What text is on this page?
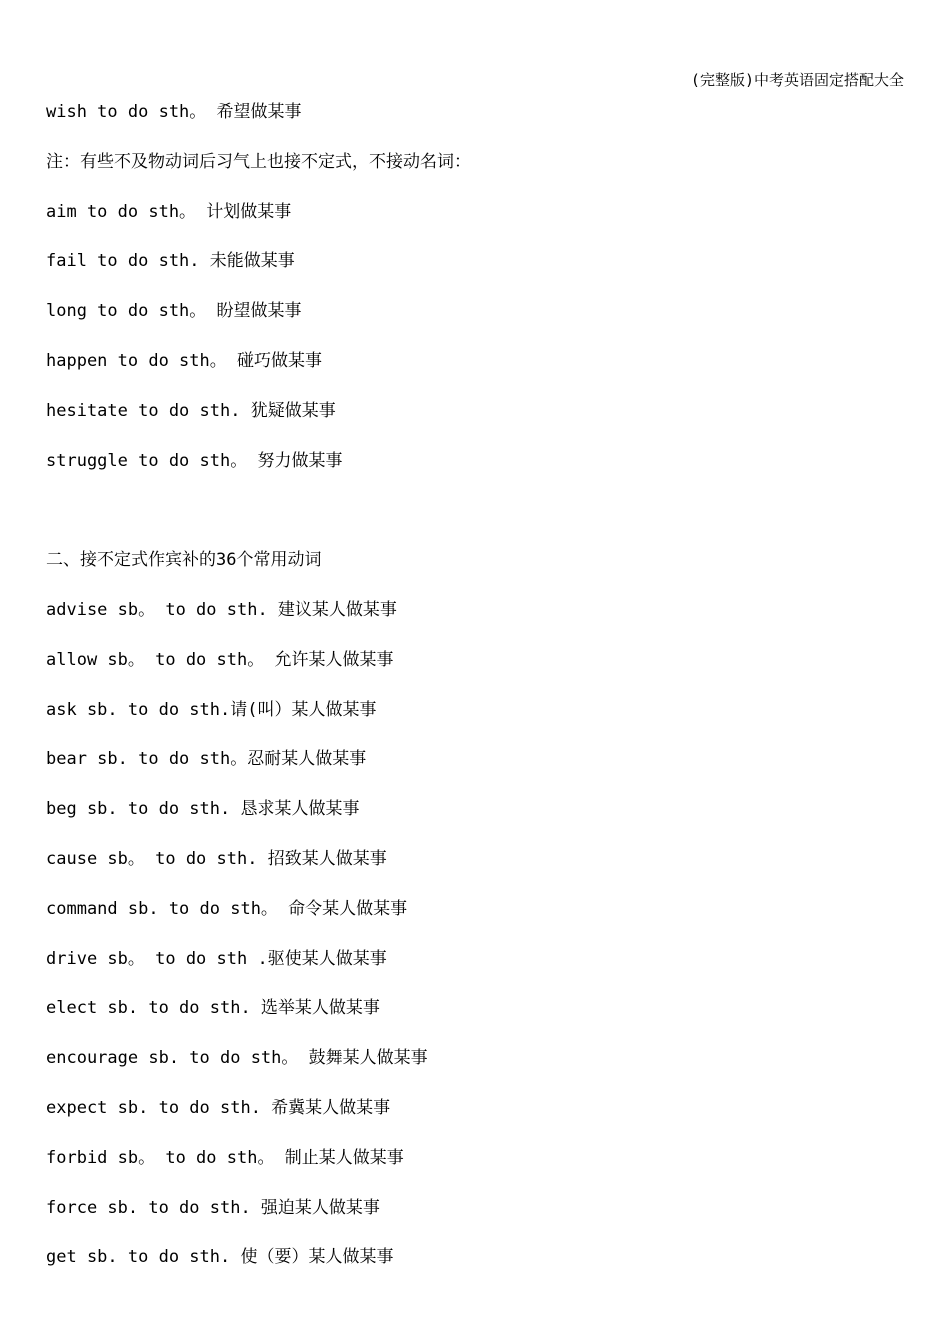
(完整版)中考英语固定搭配大全
wish to do sth。 希望做某事
注：有些不及物动词后习气上也接不定式，不接动名词：
aim to do sth。 计划做某事
fail to do sth. 未能做某事
long to do sth。 盼望做某事
happen to do sth。 碰巧做某事
hesitate to do sth. 犹疑做某事
struggle to do sth。 努力做某事
二、接不定式作宾补的36个常用动词
advise sb。 to do sth. 建议某人做某事
allow sb。 to do sth。 允许某人做某事
ask sb. to do sth.请(叫）某人做某事
bear sb. to do sth。忍耐某人做某事
beg sb. to do sth. 恳求某人做某事
cause sb。 to do sth. 招致某人做某事
command sb. to do sth。 命令某人做某事
drive sb。 to do sth .驱使某人做某事
elect sb. to do sth. 选举某人做某事
encourage sb. to do sth。 鼓舞某人做某事
expect sb. to do sth. 希冀某人做某事
forbid sb。 to do sth。 制止某人做某事
force sb. to do sth. 强迫某人做某事
get sb. to do sth. 使（要）某人做某事
